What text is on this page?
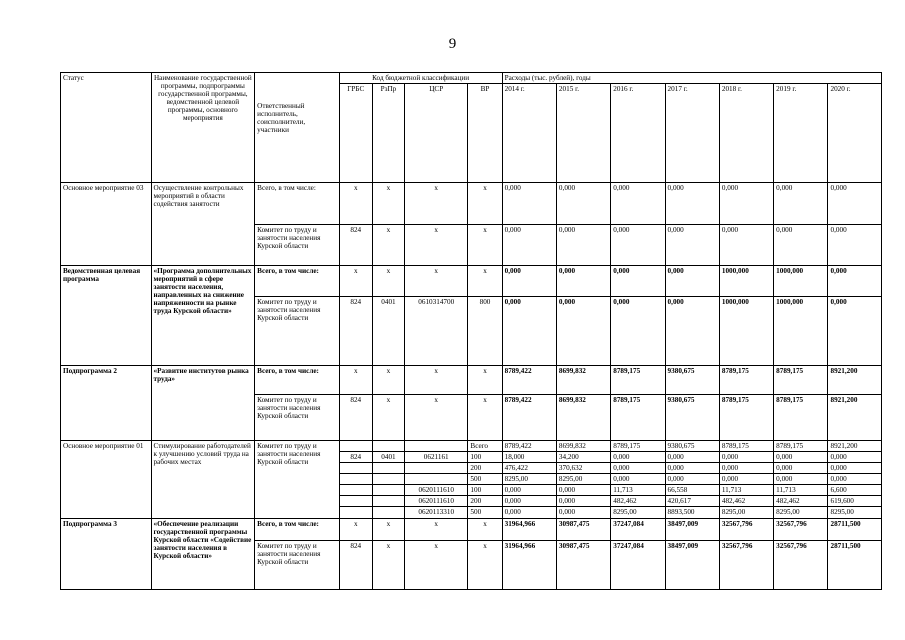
9
Статус	Наименование государственной программы, подпрограммы государственной программы, ведомственной целевой программы, основного мероприятия		Код бюджетной классификации				Расходы (тыс. рублей), годы						
		Ответственный исполнитель, соисполнители, участники	ГРБС	РзПр	ЦСР	ВР	2014 г.	2015 г.	2016 г.	2017 г.	2018 г.	2019 г.	2020 г.
Основное мероприятие 03	Осуществление контрольных мероприятий в области содействия занятости	Всего, в том числе:	х	х	х	х	0,000	0,000	0,000	0,000	0,000	0,000	0,000
		Комитет по труду и занятости населения Курской области	824	х	х	х	0,000	0,000	0,000	0,000	0,000	0,000	0,000
Ведомственная целевая программа	«Программа дополнительных мероприятий в сфере занятости населения, направленных на снижение напряженности на рынке труда Курской области»	Всего, в том числе:	х	х	х	х	0,000	0,000	0,000	0,000	1000,000	1000,000	0,000
		Комитет по труду и занятости населения Курской области	824	0401	0610314700	800	0,000	0,000	0,000	0,000	1000,000	1000,000	0,000
Подпрограмма 2	«Развитие институтов рынка труда»	Всего, в том числе:	х	х	х	х	8789,422	8699,832	8789,175	9380,675	8789,175	8789,175	8921,200
		Комитет по труду и занятости населения Курской области	824	х	х	х	8789,422	8699,832	8789,175	9380,675	8789,175	8789,175	8921,200
Основное мероприятие 01	Стимулирование работодателей к улучшению условий труда на рабочих местах	Комитет по труду и занятости населения Курской области				Всего	8789,422	8699,832	8789,175	9380,675	8789,175	8789,175	8921,200
			824	0401	0621161	100	18,000	34,200	0,000	0,000	0,000	0,000	0,000
						200	476,422	370,632	0,000	0,000	0,000	0,000	0,000
						500	8295,00	8295,00	0,000	0,000	0,000	0,000	0,000
					0620111610	100	0,000	0,000	11,713	66,558	11,713	11,713	6,600
					0620111610	200	0,000	0,000	482,462	420,617	482,462	482,462	619,600
					0620113310	500	0,000	0,000	8295,00	8893,500	8295,00	8295,00	8295,00
Подпрограмма 3	«Обеспечение реализации государственной программы Курской области «Содействие занятости населения в Курской области»	Всего, в том числе:	х	х	х	х	31964,966	30987,475	37247,084	38497,009	32567,796	32567,796	28711,500
		Комитет по труду и занятости населения Курской области	824	х	х	х	31964,966	30987,475	37247,084	38497,009	32567,796	32567,796	28711,500
